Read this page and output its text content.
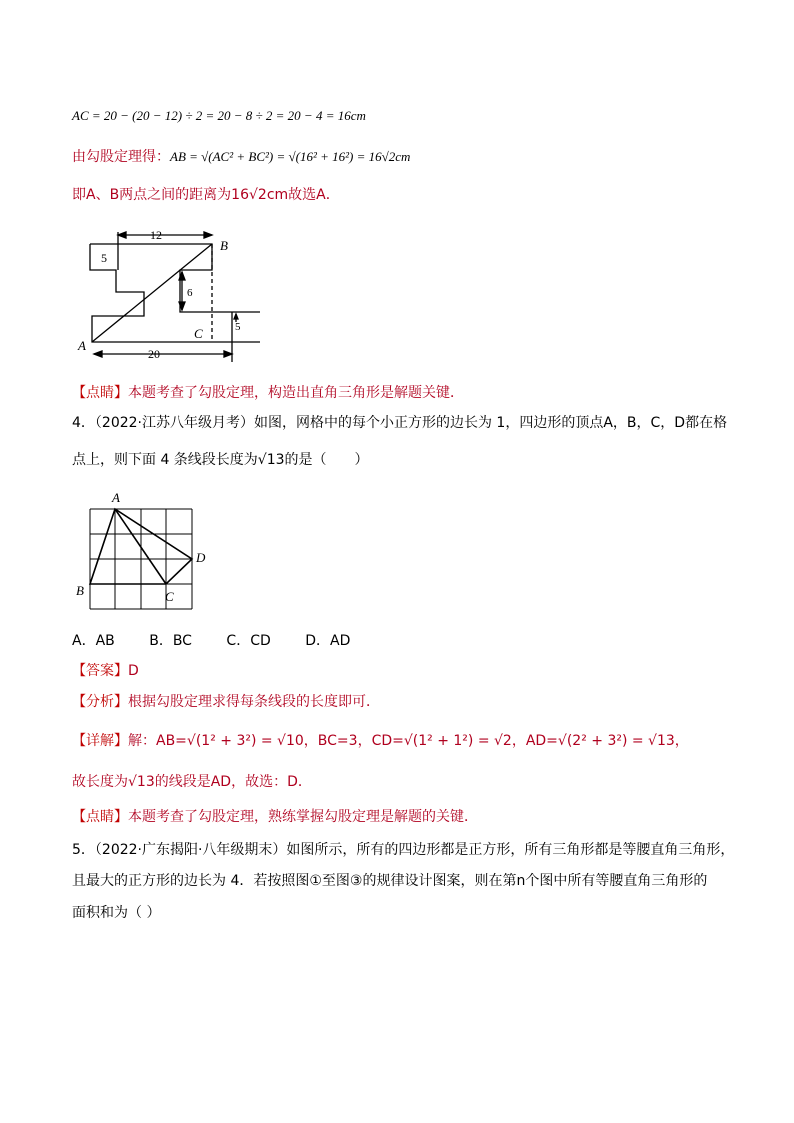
AC = 20 − (20 − 12) ÷ 2 = 20 − 8 ÷ 2 = 20 − 4 = 16cm
由勾股定理得：AB = √(AC² + BC²) = √(16² + 16²) = 16√2cm
即A、B两点之间的距离为16√2cm故选A．
12
5
6
5
20
A
B
C
【点睛】本题考查了勾股定理，构造出直角三角形是解题关键．
4．（2022·江苏八年级月考）如图，网格中的每个小正方形的边长为 1，四边形的顶点A，B，C，D都在格
点上，则下面 4 条线段长度为√13的是（　　）
A
B	C
D
A．AB B．BC C．CD D．AD
【答案】D
【分析】根据勾股定理求得每条线段的长度即可．
【详解】解：AB=√(1² + 3²) = √10，BC=3，CD=√(1² + 1²) = √2，AD=√(2² + 3²) = √13，
故长度为√13的线段是AD，故选：D．
【点睛】本题考查了勾股定理，熟练掌握勾股定理是解题的关键．
5．（2022·广东揭阳·八年级期末）如图所示，所有的四边形都是正方形，所有三角形都是等腰直角三角形，
且最大的正方形的边长为 4．若按照图①至图③的规律设计图案，则在第n个图中所有等腰直角三角形的
面积和为（ ）
